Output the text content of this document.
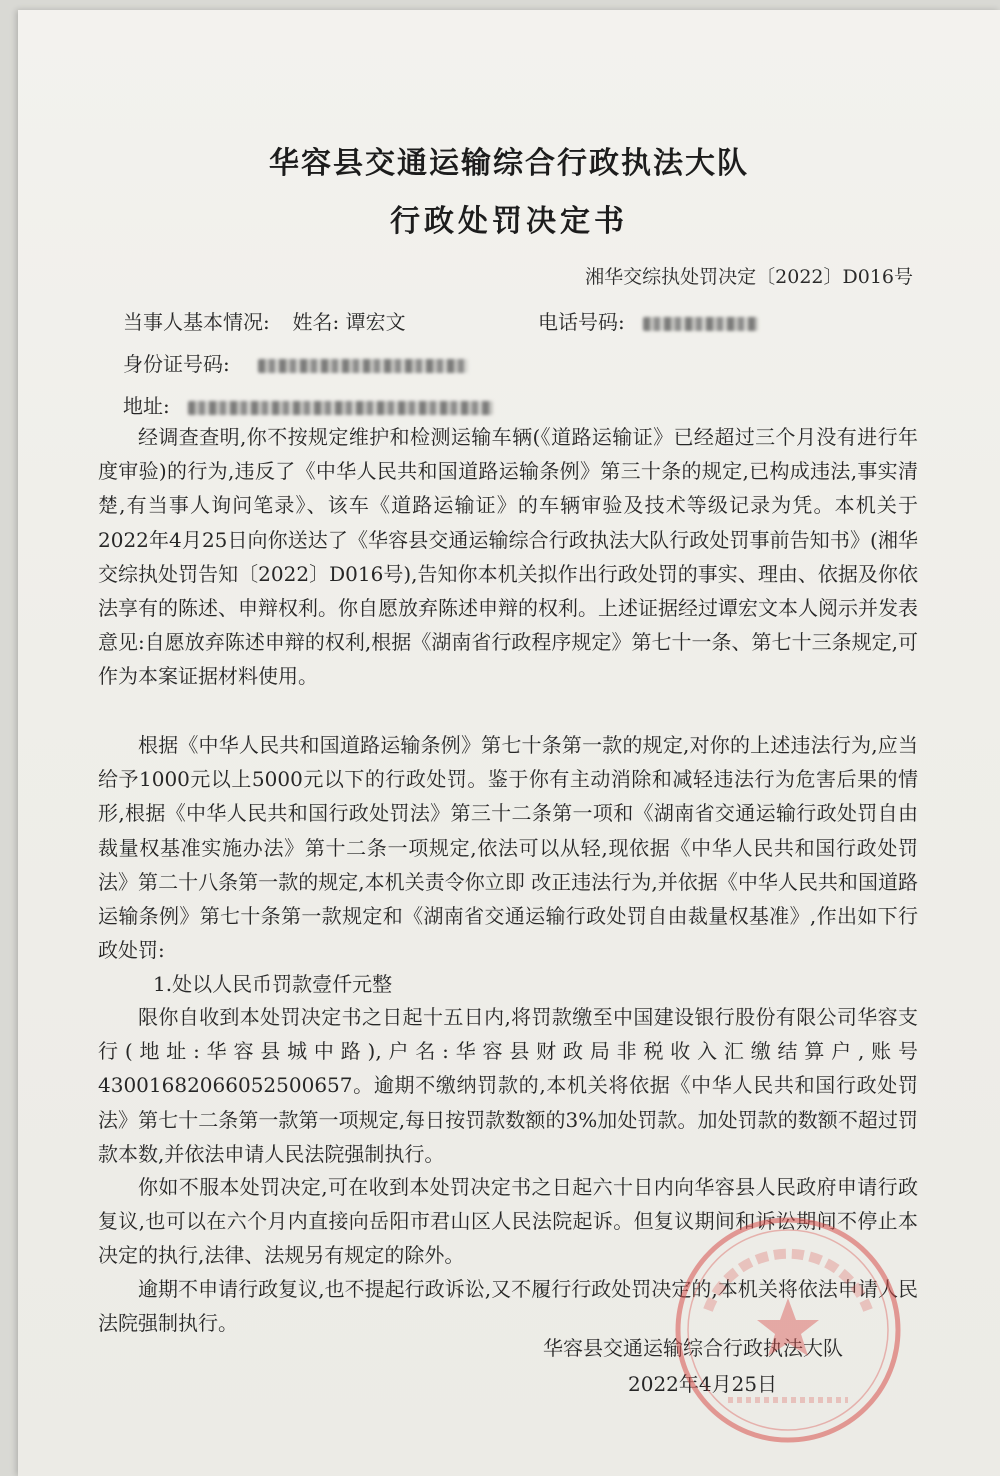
华容县交通运输综合行政执法大队
行政处罚决定书
湘华交综执处罚决定〔2022〕D016号
当事人基本情况: 姓名: 谭宏文	电话号码:
身份证号码:
地址:
经调查查明,你不按规定维护和检测运输车辆(《道路运输证》已经超过三个月没有进行年度审验)的行为,违反了《中华人民共和国道路运输条例》第三十条的规定,已构成违法,事实清楚,有当事人询问笔录》、该车《道路运输证》的车辆审验及技术等级记录为凭。本机关于 2022年4月25日向你送达了《华容县交通运输综合行政执法大队行政处罚事前告知书》(湘华交综执处罚告知〔2022〕D016号),告知你本机关拟作出行政处罚的事实、理由、依据及你依法享有的陈述、申辩权利。你自愿放弃陈述申辩的权利。上述证据经过谭宏文本人阅示并发表意见:自愿放弃陈述申辩的权利,根据《湖南省行政程序规定》第七十一条、第七十三条规定,可作为本案证据材料使用。
根据《中华人民共和国道路运输条例》第七十条第一款的规定,对你的上述违法行为,应当给予1000元以上5000元以下的行政处罚。鉴于你有主动消除和减轻违法行为危害后果的情形,根据《中华人民共和国行政处罚法》第三十二条第一项和《湖南省交通运输行政处罚自由裁量权基准实施办法》第十二条一项规定,依法可以从轻,现依据《中华人民共和国行政处罚法》第二十八条第一款的规定,本机关责令你立即 改正违法行为,并依据《中华人民共和国道路运输条例》第七十条第一款规定和《湖南省交通运输行政处罚自由裁量权基准》,作出如下行政处罚:
1.处以人民币罚款壹仟元整
限你自收到本处罚决定书之日起十五日内,将罚款缴至中国建设银行股份有限公司华容支行(地址:华容县城中路),户名:华容县财政局非税收入汇缴结算户,账号43001682066052500657。逾期不缴纳罚款的,本机关将依据《中华人民共和国行政处罚法》第七十二条第一款第一项规定,每日按罚款数额的3%加处罚款。加处罚款的数额不超过罚款本数,并依法申请人民法院强制执行。
你如不服本处罚决定,可在收到本处罚决定书之日起六十日内向华容县人民政府申请行政复议,也可以在六个月内直接向岳阳市君山区人民法院起诉。但复议期间和诉讼期间不停止本决定的执行,法律、法规另有规定的除外。
逾期不申请行政复议,也不提起行政诉讼,又不履行行政处罚决定的,本机关将依法申请人民法院强制执行。
华容县交通运输综合行政执法大队
2022年4月25日
